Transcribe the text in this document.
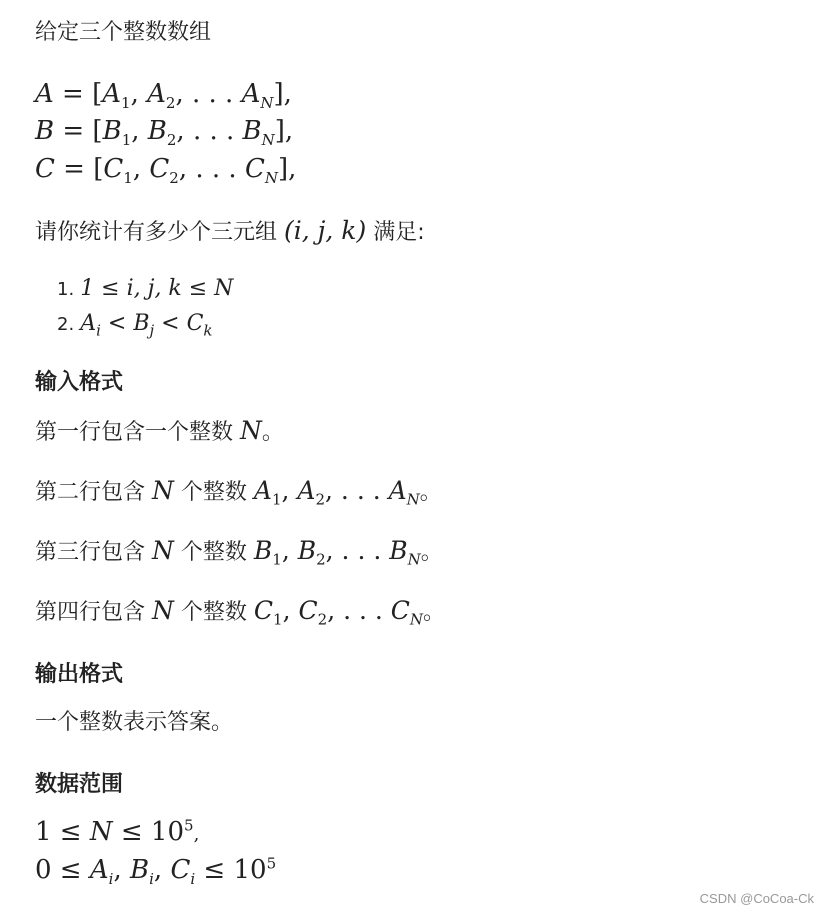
给定三个整数数组
$A = [A_1$, $A_2$, . . . $A_N$],
$B = [B_1$, $B_2$, . . . $B_N$],
$C = [C_1$, $C_2$, . . . $C_N$],
请你统计有多少个三元组 (i, j, k) 满足:
1. 1 ≤ i, j, k ≤ N
2. $A_i < B_j < C_k$
输入格式
第一行包含一个整数 N。
第二行包含 N 个整数 $A_1$, $A_2$, . . . $A_N$。
第三行包含 N 个整数 $B_1$, $B_2$, . . . $B_N$。
第四行包含 N 个整数 $C_1$, $C_2$, . . . $C_N$。
输出格式
一个整数表示答案。
数据范围
$1 \le N \le 10^5$,
$0 \le A_i$, $B_i$, $C_i \le 10^5$
CSDN @CoCoa-Ck
